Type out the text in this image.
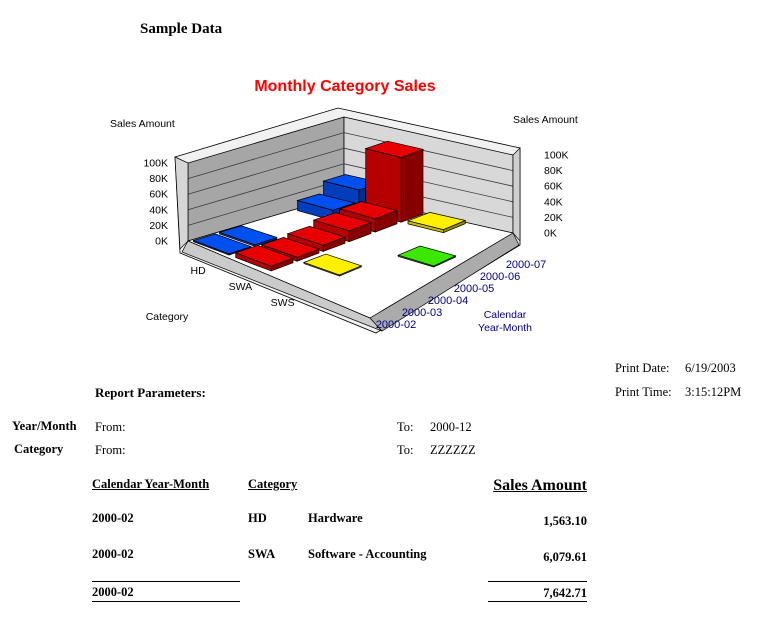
Sample Data
Monthly Category Sales
0K
0K
20K
20K
40K
40K
60K
60K
80K
80K
100K
100K
HD
SWA
SWS
2000-02
2000-03
2000-04
2000-05
2000-06
2000-07
Sales Amount	Sales Amount
Category	Calendar
Year-Month
Print Date: 6/19/2003
Print Time: 3:15:12PM
Report Parameters:
Year/Month From:	To: 2000-12
Category	From:	To: ZZZZZZ
Calendar Year-Month	Category	Sales Amount
2000-02	HD	Hardware	1,563.10
2000-02	SWA	Software - Accounting	6,079.61
2000-02	7,642.71
